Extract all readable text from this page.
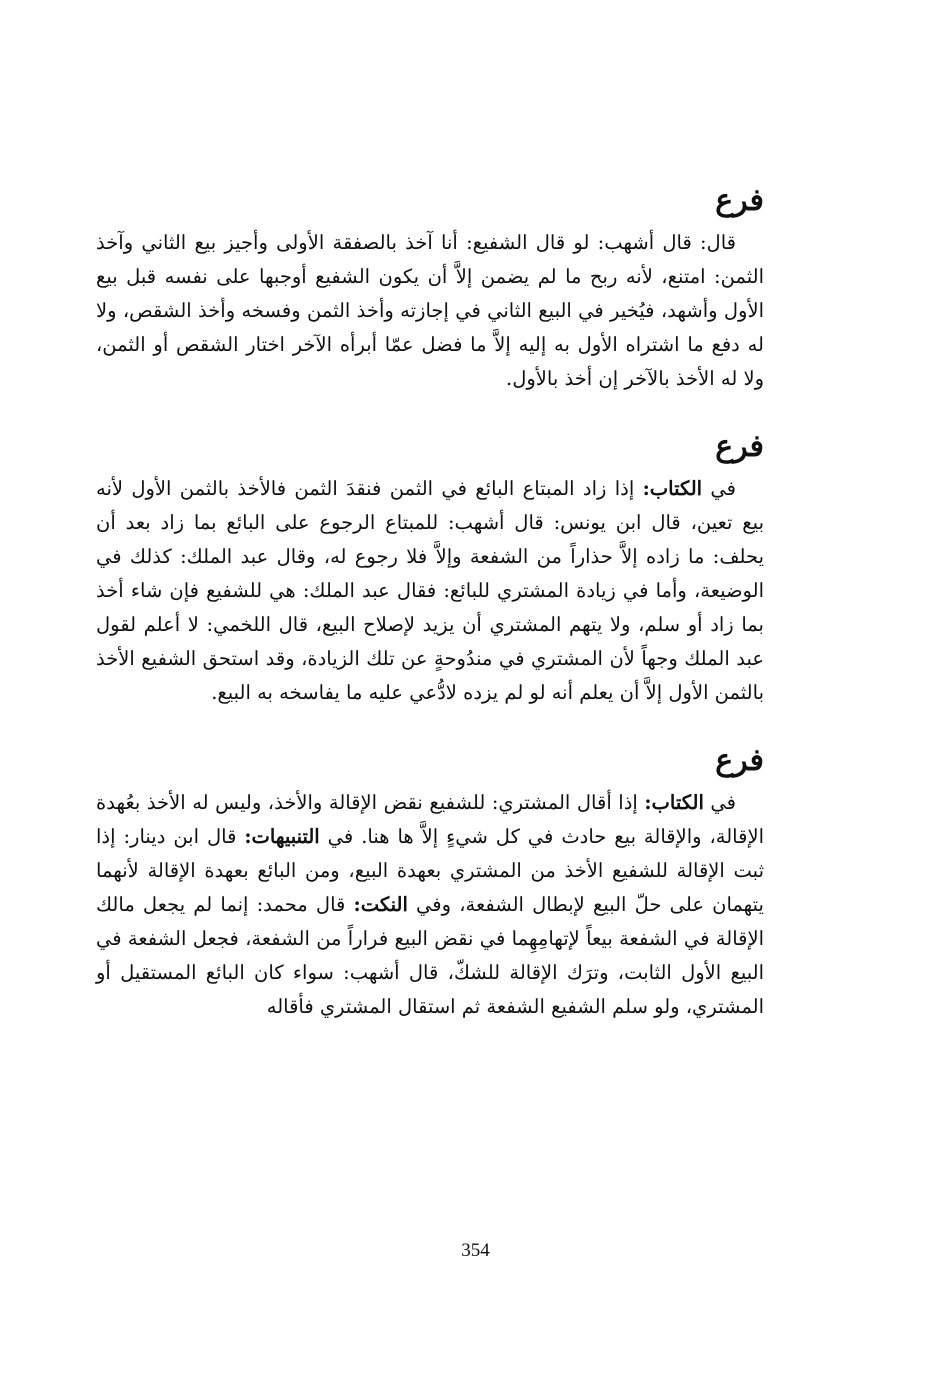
فرع

قال: قال أشهب: لو قال الشفيع: أنا آخذ بالصفقة الأولى وأجيز بيع الثاني وآخذ الثمن: امتنع، لأنه ربح ما لم يضمن إلاَّ أن يكون الشفيع أوجبها على نفسه قبل بيع الأول وأشهد، فيُخير في البيع الثاني في إجازته وأخذ الثمن وفسخه وأخذ الشقص، ولا له دفع ما اشتراه الأول به إليه إلاَّ ما فضل عمّا أبرأه الآخر اختار الشقص أو الثمن، ولا له الأخذ بالآخر إن أخذ بالأول.

فرع

في الكتاب: إذا زاد المبتاع البائع في الثمن فنقدَ الثمن فالأخذ بالثمن الأول لأنه بيع تعين، قال ابن يونس: قال أشهب: للمبتاع الرجوع على البائع بما زاد بعد أن يحلف: ما زاده إلاَّ حذاراً من الشفعة وإلاَّ فلا رجوع له، وقال عبد الملك: كذلك في الوضيعة، وأما في زيادة المشتري للبائع: فقال عبد الملك: هي للشفيع فإن شاء أخذ بما زاد أو سلم، ولا يتهم المشتري أن يزيد لإصلاح البيع، قال اللخمي: لا أعلم لقول عبد الملك وجهاً لأن المشتري في مندُوحةٍ عن تلك الزيادة، وقد استحق الشفيع الأخذ بالثمن الأول إلاَّ أن يعلم أنه لو لم يزده لادُّعي عليه ما يفاسخه به البيع.

فرع

في الكتاب: إذا أقال المشتري: للشفيع نقض الإقالة والأخذ، وليس له الأخذ بعُهدة الإقالة، والإقالة بيع حادث في كل شيءٍ إلاَّ ها هنا. في التنبيهات: قال ابن دينار: إذا ثبت الإقالة للشفيع الأخذ من المشتري بعهدة البيع، ومن البائع بعهدة الإقالة لأنهما يتهمان على حلّ البيع لإبطال الشفعة، وفي النكت: قال محمد: إنما لم يجعل مالك الإقالة في الشفعة بيعاً لإتهامِهِما في نقض البيع فراراً من الشفعة، فجعل الشفعة في البيع الأول الثابت، وترَك الإقالة للشكّ، قال أشهب: سواء كان البائع المستقيل أو المشتري، ولو سلم الشفيع الشفعة ثم استقال المشتري فأقاله

354
